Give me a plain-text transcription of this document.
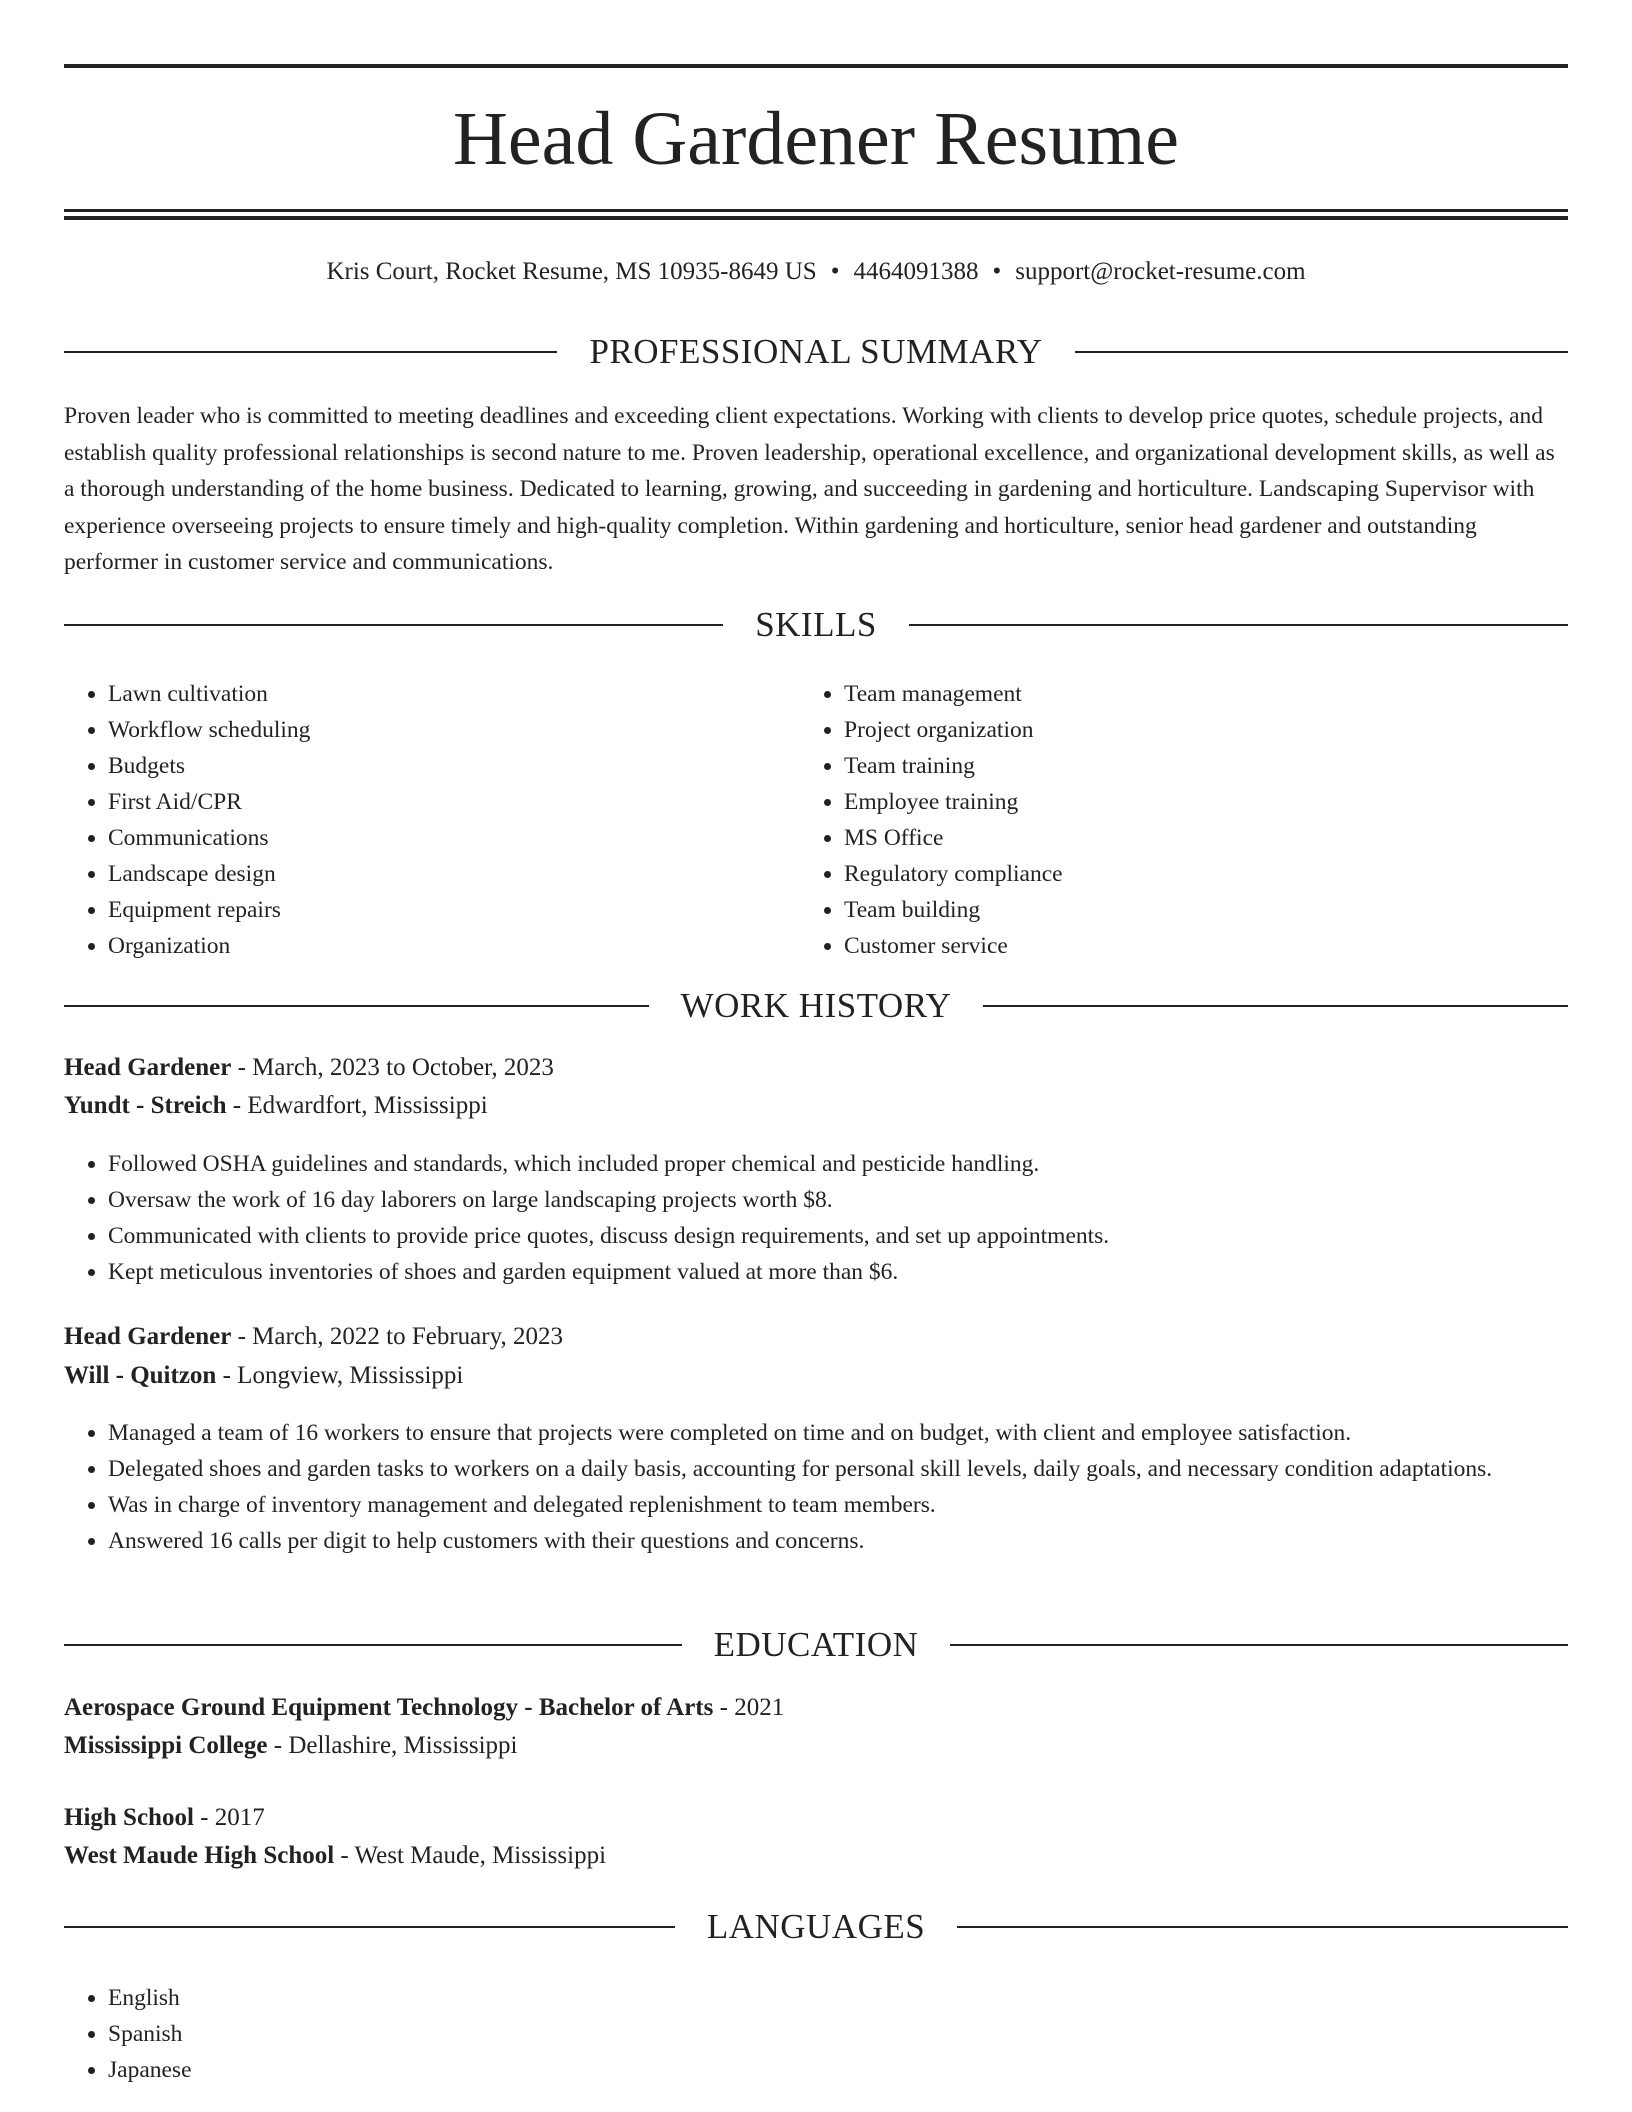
Head Gardener Resume
Kris Court, Rocket Resume, MS 10935-8649 US • 4464091388 • support@rocket-resume.com
PROFESSIONAL SUMMARY

Proven leader who is committed to meeting deadlines and exceeding client expectations. Working with clients to develop price quotes, schedule projects, and establish quality professional relationships is second nature to me. Proven leadership, operational excellence, and organizational development skills, as well as a thorough understanding of the home business. Dedicated to learning, growing, and succeeding in gardening and horticulture. Landscaping Supervisor with experience overseeing projects to ensure timely and high-quality completion. Within gardening and horticulture, senior head gardener and outstanding performer in customer service and communications.

SKILLS
• Lawn cultivation
• Workflow scheduling
• Budgets
• First Aid/CPR
• Communications
• Landscape design
• Equipment repairs
• Organization
• Team management
• Project organization
• Team training
• Employee training
• MS Office
• Regulatory compliance
• Team building
• Customer service
WORK HISTORY
Head Gardener - March, 2023 to October, 2023
Yundt - Streich - Edwardfort, Mississippi
• Followed OSHA guidelines and standards, which included proper chemical and pesticide handling.
• Oversaw the work of 16 day laborers on large landscaping projects worth $8.
• Communicated with clients to provide price quotes, discuss design requirements, and set up appointments.
• Kept meticulous inventories of shoes and garden equipment valued at more than $6.
Head Gardener - March, 2022 to February, 2023
Will - Quitzon - Longview, Mississippi
• Managed a team of 16 workers to ensure that projects were completed on time and on budget, with client and employee satisfaction.
• Delegated shoes and garden tasks to workers on a daily basis, accounting for personal skill levels, daily goals, and necessary condition adaptations.
• Was in charge of inventory management and delegated replenishment to team members.
• Answered 16 calls per digit to help customers with their questions and concerns.
EDUCATION
Aerospace Ground Equipment Technology - Bachelor of Arts - 2021
Mississippi College - Dellashire, Mississippi
High School - 2017
West Maude High School - West Maude, Mississippi
LANGUAGES
• English
• Spanish
• Japanese
